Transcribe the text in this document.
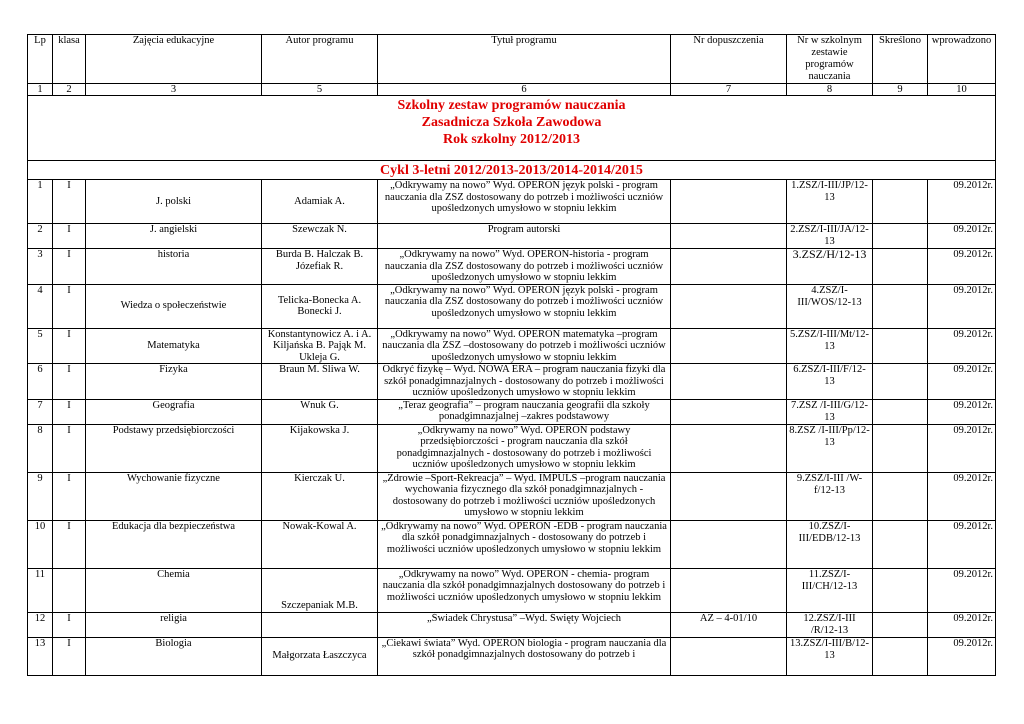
Lp	klasa	Zajęcia edukacyjne	Autor programu	Tytuł programu	Nr dopuszczenia	Nr w szkolnym zestawie programów nauczania	Skreślono	wprowadzono
1	2	3	5	6	7	8	9	10

Szkolny zestaw programów nauczania
Zasadnicza Szkoła Zawodowa
Rok szkolny 2012/2013								

Cykl 3-letni 2012/2013-2013/2014-2014/2015								
1	I	J. polski	Adamiak A.	„Odkrywamy na nowo” Wyd. OPERON język polski - program nauczania dla ZSZ dostosowany do potrzeb i możliwości uczniów upośledzonych umysłowo w stopniu lekkim		1.ZSZ/I-III/JP/12-13		09.2012r.
2	I	J. angielski	Szewczak N.	Program autorski		2.ZSZ/I-III/JA/12-13		09.2012r.
3	I	historia	Burda B. Halczak B. Józefiak R.	„Odkrywamy na nowo” Wyd. OPERON-historia - program nauczania dla ZSZ dostosowany do potrzeb i możliwości uczniów upośledzonych umysłowo w stopniu lekkim		3.ZSZ/H/12-13		09.2012r.
4	I	Wiedza o społeczeństwie	Telicka-Bonecka A. Bonecki J.	„Odkrywamy na nowo” Wyd. OPERON język polski - program nauczania dla ZSZ dostosowany do potrzeb i możliwości uczniów upośledzonych umysłowo w stopniu lekkim		4.ZSZ/I-III/WOS/12-13		09.2012r.
5	I	Matematyka	Konstantynowicz A. i A. Kiljańska B. Pająk M. Ukleja G.	„Odkrywamy na nowo” Wyd. OPERON matematyka –program nauczania dla ZSZ –dostosowany do potrzeb i możliwości uczniów upośledzonych umysłowo w stopniu lekkim		5.ZSZ/I-III/Mt/12-13		09.2012r.
6	I	Fizyka	Braun M. Śliwa W.	Odkryć fizykę – Wyd. NOWA ERA – program nauczania fizyki dla szkół ponadgimnazjalnych - dostosowany do potrzeb i możliwości uczniów upośledzonych umysłowo w stopniu lekkim		6.ZSZ/I-III/F/12-13		09.2012r.
7	I	Geografia	Wnuk G.	„Teraz geografia” – program nauczania geografii dla szkoły ponadgimnazjalnej –zakres podstawowy		7.ZSZ /I-III/G/12-13		09.2012r.
8	I	Podstawy przedsiębiorczości	Kijakowska J.	„Odkrywamy na nowo” Wyd. OPERON podstawy przedsiębiorczości - program nauczania dla szkół ponadgimnazjalnych - dostosowany do potrzeb i możliwości uczniów upośledzonych umysłowo w stopniu lekkim		8.ZSZ /I-III/Pp/12-13		09.2012r.
9	I	Wychowanie fizyczne	Kierczak U.	„Zdrowie –Sport-Rekreacja” – Wyd. IMPULS –program nauczania wychowania fizycznego dla szkół ponadgimnazjalnych - dostosowany do potrzeb i możliwości uczniów upośledzonych umysłowo w stopniu lekkim		9.ZSZ/I-III /W-f/12-13		09.2012r.
10	I	Edukacja dla bezpieczeństwa	Nowak-Kowal A.	„Odkrywamy na nowo” Wyd. OPERON -EDB - program nauczania dla szkół ponadgimnazjalnych - dostosowany do potrzeb i możliwości uczniów upośledzonych umysłowo w stopniu lekkim		10.ZSZ/I-III/EDB/12-13		09.2012r.
11		Chemia	Szczepaniak M.B.	„Odkrywamy na nowo” Wyd. OPERON - chemia- program nauczania dla szkół ponadgimnazjalnych dostosowany do potrzeb i możliwości uczniów upośledzonych umysłowo w stopniu lekkim		11.ZSZ/I-III/CH/12-13		09.2012r.
12	I	religia		„Świadek Chrystusa” –Wyd. Święty Wojciech	AZ – 4-01/10	12.ZSZ/I-III /R/12-13		09.2012r.
13	I	Biologia	Małgorzata Łaszczyca	„Ciekawi świata” Wyd. OPERON biologia - program nauczania dla szkół ponadgimnazjalnych dostosowany do potrzeb i		13.ZSZ/I-III/B/12-13		09.2012r.
